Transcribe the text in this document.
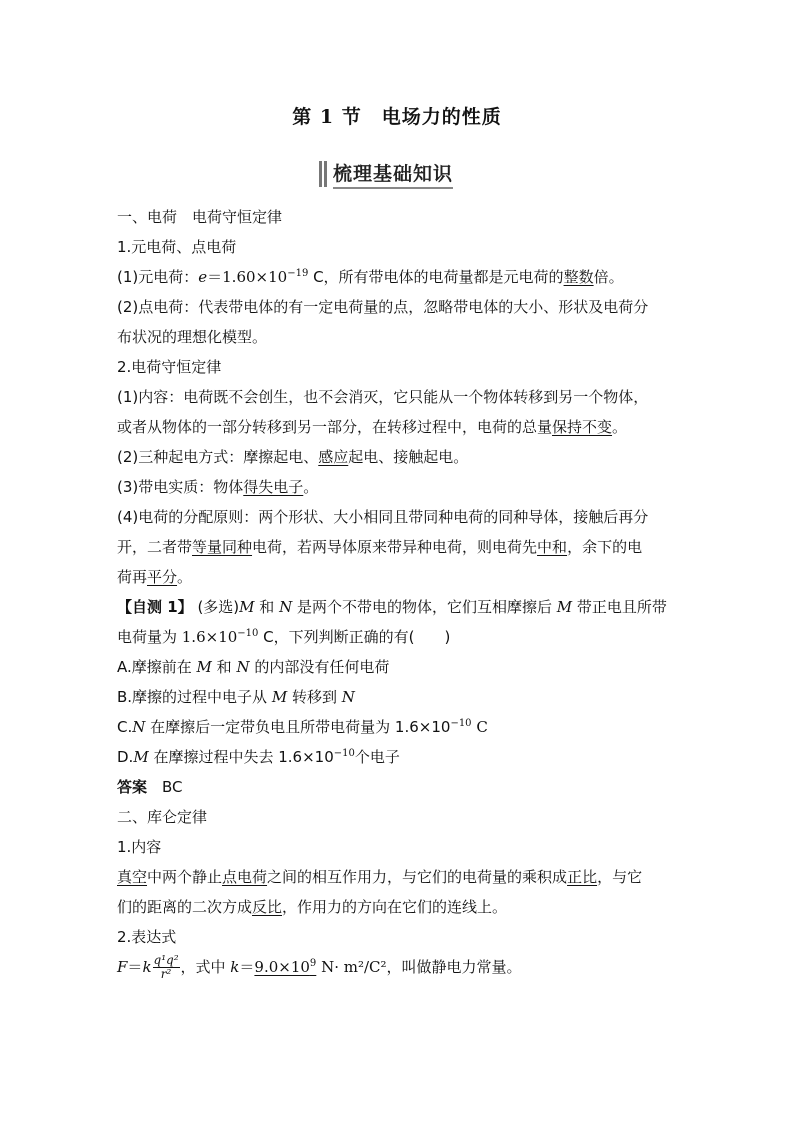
第 1 节　电场力的性质
梳理基础知识

一、电荷　电荷守恒定律

1.元电荷、点电荷

(1)元电荷：$e=1.60\times 10^{-19}$ C，所有带电体的电荷量都是元电荷的整数倍。

(2)点电荷：代表带电体的有一定电荷量的点，忽略带电体的大小、形状及电荷分

布状况的理想化模型。

2.电荷守恒定律

(1)内容：电荷既不会创生，也不会消灭，它只能从一个物体转移到另一个物体，

或者从物体的一部分转移到另一部分，在转移过程中，电荷的总量保持不变。

(2)三种起电方式：摩擦起电、感应起电、接触起电。

(3)带电实质：物体得失电子。

(4)电荷的分配原则：两个形状、大小相同且带同种电荷的同种导体，接触后再分

开，二者带等量同种电荷，若两导体原来带异种电荷，则电荷先中和，余下的电

荷再平分。

【自测 1】 (多选)M 和 N 是两个不带电的物体，它们互相摩擦后 M 带正电且所带

电荷量为 $1.6\times 10^{-10}$ C，下列判断正确的有(　　)

A.摩擦前在 M 和 N 的内部没有任何电荷

B.摩擦的过程中电子从 M 转移到 N

C.N 在摩擦后一定带负电且所带电荷量为 $1.6\times 10^{-10}$ C

D.M 在摩擦过程中失去 $1.6\times 10^{-10}$个电子

答案　 BC

二、库仑定律

1.内容

真空中两个静止点电荷之间的相互作用力，与它们的电荷量的乘积成正比，与它

们的距离的二次方成反比，作用力的方向在它们的连线上。

2.表达式

$F=k \frac{\text{q¹q²}}{\text{r²}}$ ，式中 $k=9.0\times 10^9$ N· m²/C²，叫做静电力常量。
